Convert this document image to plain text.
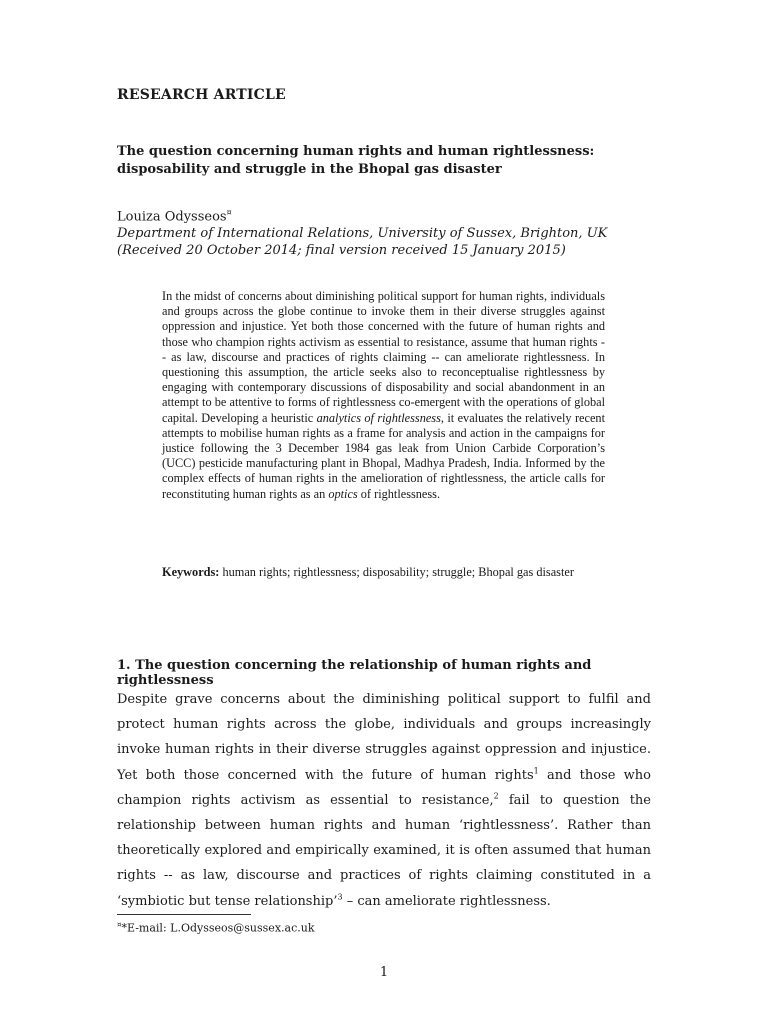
RESEARCH ARTICLE
The question concerning human rights and human rightlessness: disposability and struggle in the Bhopal gas disaster
Louiza Odysseos¤
Department of International Relations, University of Sussex, Brighton, UK
(Received 20 October 2014; final version received 15 January 2015)
In the midst of concerns about diminishing political support for human rights, individuals and groups across the globe continue to invoke them in their diverse struggles against oppression and injustice. Yet both those concerned with the future of human rights and those who champion rights activism as essential to resistance, assume that human rights -- as law, discourse and practices of rights claiming -- can ameliorate rightlessness. In questioning this assumption, the article seeks also to reconceptualise rightlessness by engaging with contemporary discussions of disposability and social abandonment in an attempt to be attentive to forms of rightlessness co-emergent with the operations of global capital. Developing a heuristic analytics of rightlessness, it evaluates the relatively recent attempts to mobilise human rights as a frame for analysis and action in the campaigns for justice following the 3 December 1984 gas leak from Union Carbide Corporation’s (UCC) pesticide manufacturing plant in Bhopal, Madhya Pradesh, India. Informed by the complex effects of human rights in the amelioration of rightlessness, the article calls for reconstituting human rights as an optics of rightlessness.
Keywords: human rights; rightlessness; disposability; struggle; Bhopal gas disaster
1. The question concerning the relationship of human rights and rightlessness
Despite grave concerns about the diminishing political support to fulfil and protect human rights across the globe, individuals and groups increasingly invoke human rights in their diverse struggles against oppression and injustice. Yet both those concerned with the future of human rights$^1$ and those who champion rights activism as essential to resistance,$^2$ fail to question the relationship between human rights and human ‘rightlessness’. Rather than theoretically explored and empirically examined, it is often assumed that human rights -- as law, discourse and practices of rights claiming constituted in a ‘symbiotic but tense relationship’$^3$ – can ameliorate rightlessness.
¤*E-mail: L.Odysseos@sussex.ac.uk
1
